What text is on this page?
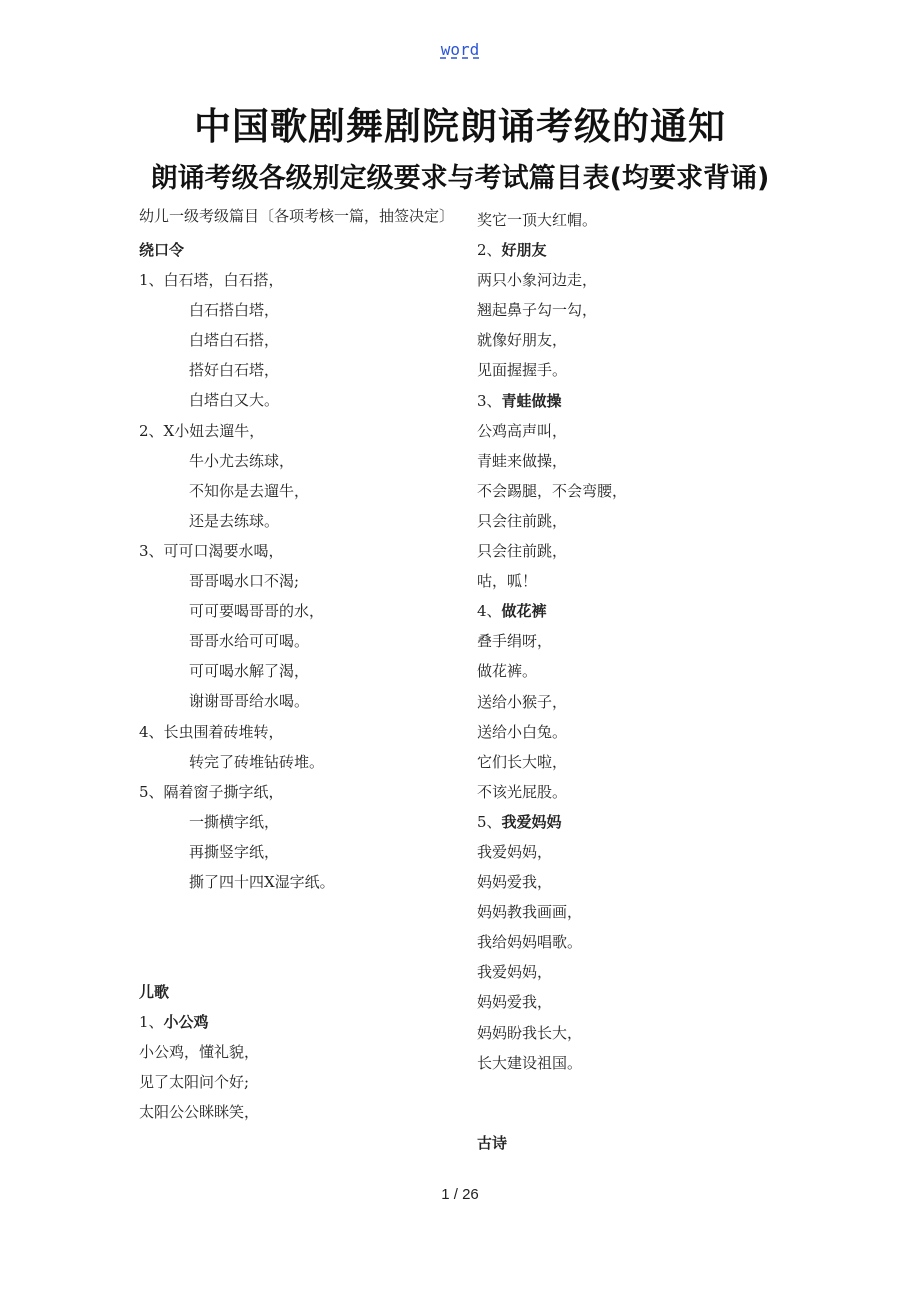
word
中国歌剧舞剧院朗诵考级的通知
朗诵考级各级别定级要求与考试篇目表(均要求背诵)
幼儿一级考级篇目〔各项考核一篇，抽签决定〕
绕口令
1、白石塔，白石搭，
白石搭白塔，
白塔白石搭，
搭好白石塔，
白塔白又大。
2、X小妞去遛牛，
牛小尤去练球，
不知你是去遛牛，
还是去练球。
3、可可口渴要水喝，
哥哥喝水口不渴;
可可要喝哥哥的水，
哥哥水给可可喝。
可可喝水解了渴，
谢谢哥哥给水喝。
4、长虫围着砖堆转，
转完了砖堆钻砖堆。
5、隔着窗子撕字纸，
一撕横字纸，
再撕竖字纸，
撕了四十四X湿字纸。
儿歌
1、小公鸡
小公鸡，懂礼貌，
见了太阳问个好;
太阳公公眯眯笑，
奖它一顶大红帽。
2、好朋友
两只小象河边走，
翘起鼻子勾一勾，
就像好朋友，
见面握握手。
3、青蛙做操
公鸡高声叫，
青蛙来做操，
不会踢腿，不会弯腰，
只会往前跳，
只会往前跳，
咕，呱！
4、做花裤
叠手绢呀，
做花裤。
送给小猴子，
送给小白兔。
它们长大啦，
不该光屁股。
5、我爱妈妈
我爱妈妈，
妈妈爱我，
妈妈教我画画，
我给妈妈唱歌。
我爱妈妈，
妈妈爱我，
妈妈盼我长大，
长大建设祖国。
古诗
1 / 26
